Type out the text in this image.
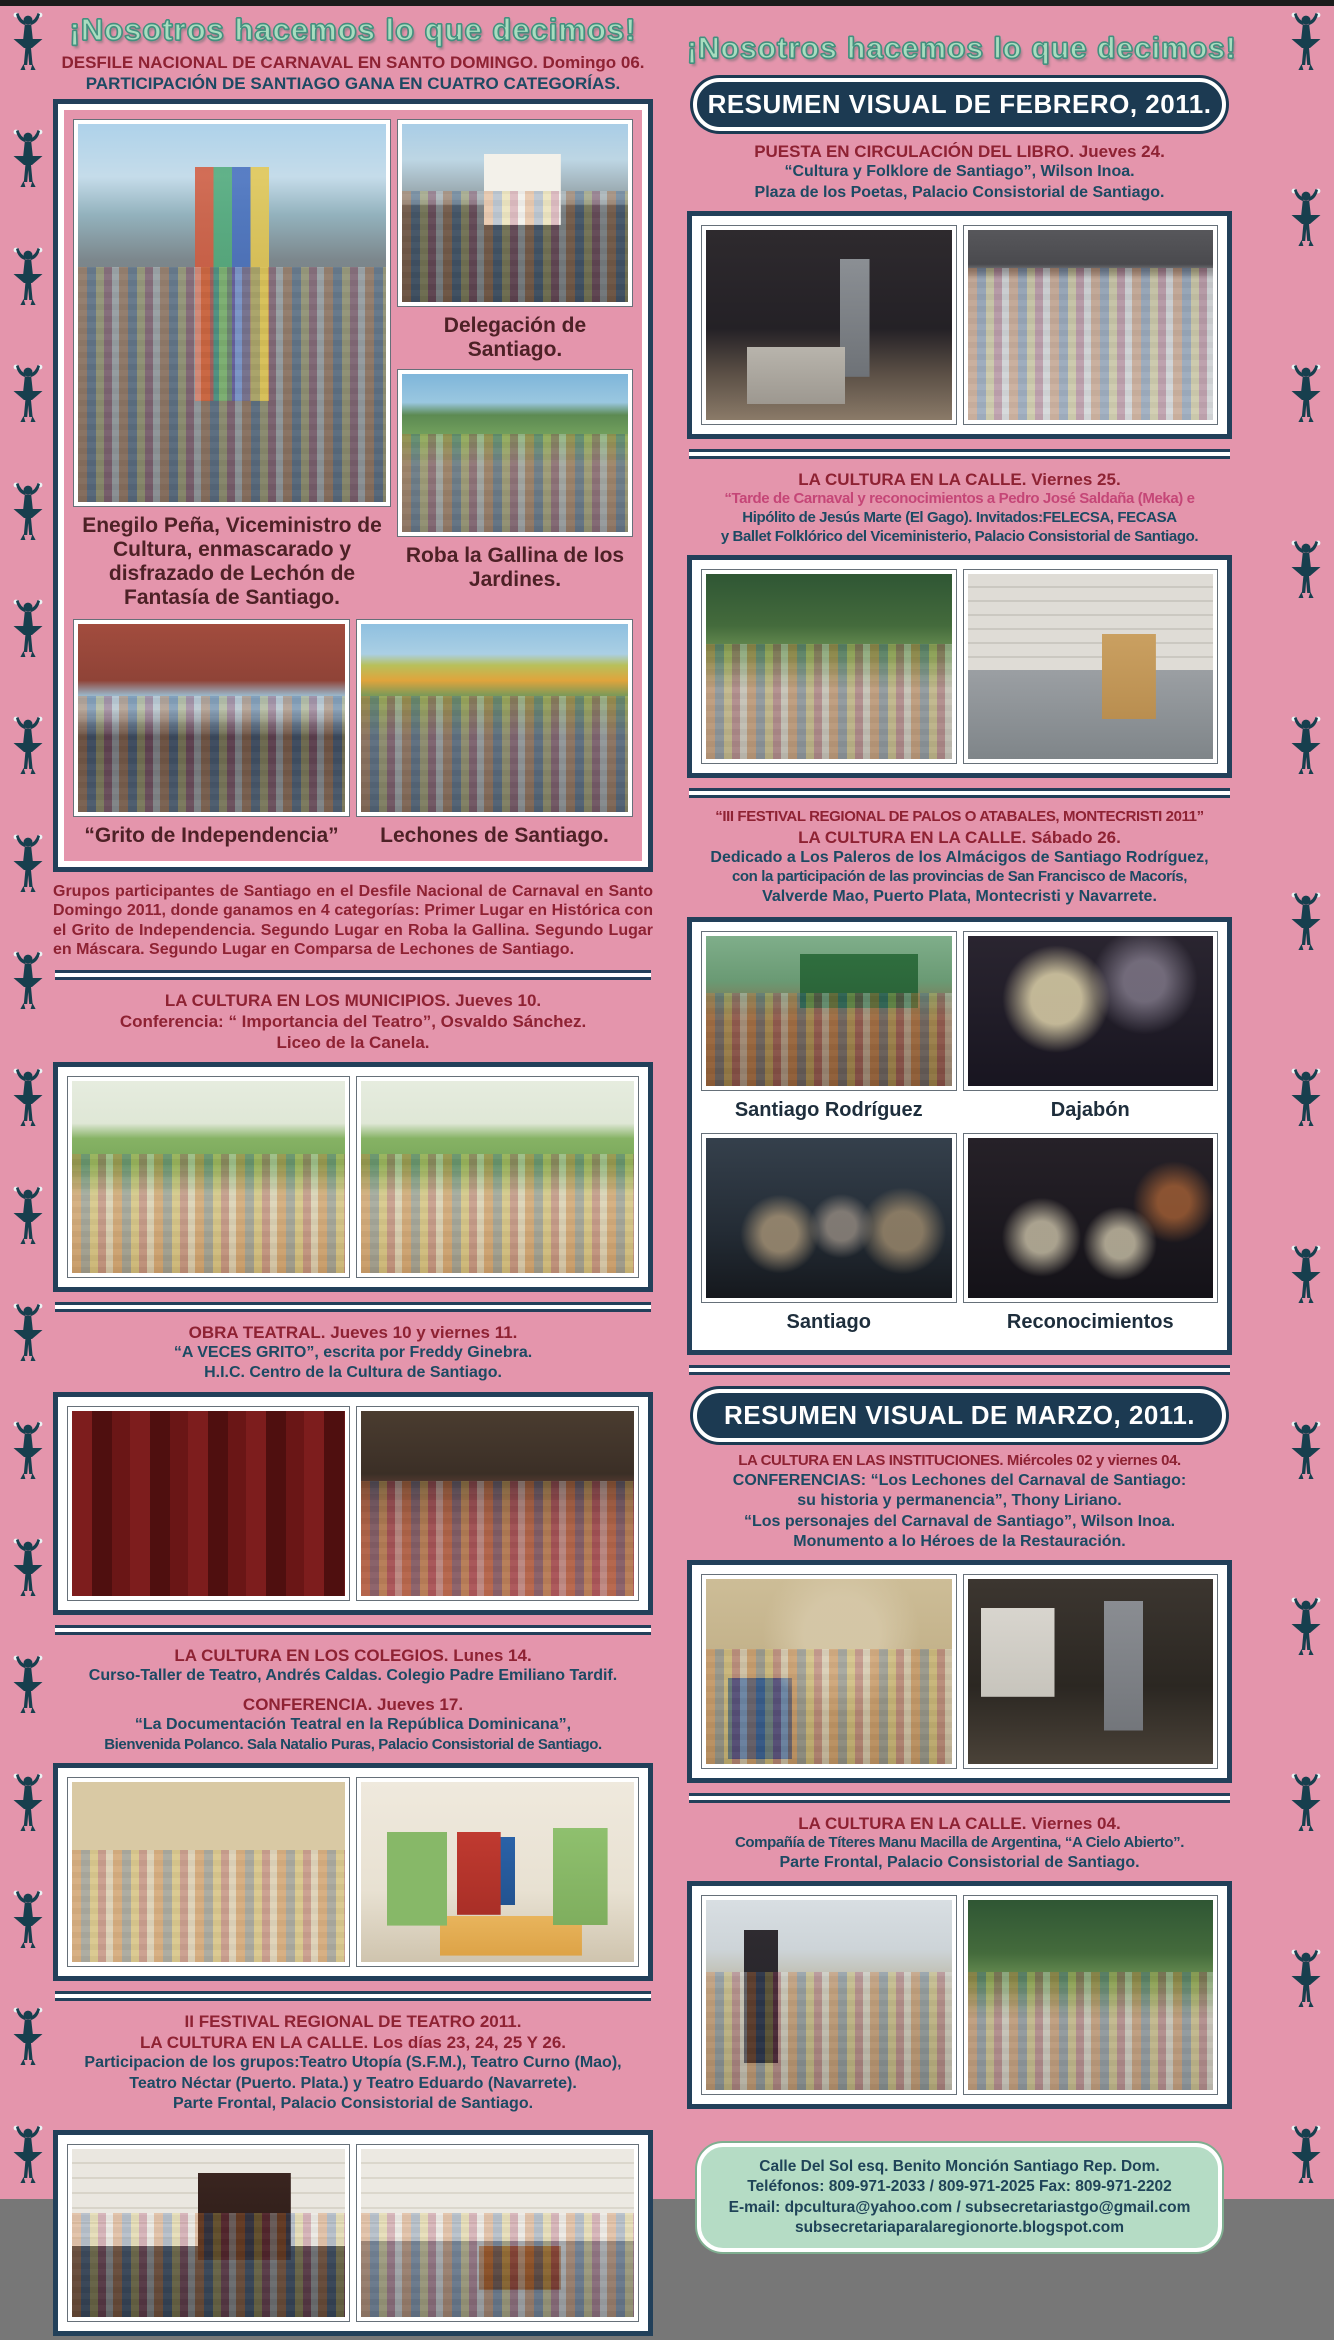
¡Nosotros hacemos lo que decimos!
DESFILE NACIONAL DE CARNAVAL EN SANTO DOMINGO. Domingo 06.
PARTICIPACIÓN DE SANTIAGO GANA EN CUATRO CATEGORÍAS.
Enegilo Peña, Viceministro de Cultura, enmascarado y disfrazado de Lechón de Fantasía de Santiago.
Delegación de Santiago.
Roba la Gallina de los Jardines.
“Grito de Independencia”	Lechones de Santiago.
Grupos participantes de Santiago en el Desfile Nacional de Carnaval en Santo Domingo 2011, donde ganamos en 4 categorías: Primer Lugar en Histórica con el Grito de Independencia. Segundo Lugar en Roba la Gallina. Segundo Lugar en Máscara. Segundo Lugar en Comparsa de Lechones de Santiago.
LA CULTURA EN LOS MUNICIPIOS. Jueves 10.
Conferencia: “ Importancia del Teatro”, Osvaldo Sánchez.
Liceo de la Canela.
OBRA TEATRAL. Jueves 10 y viernes 11.
“A VECES GRITO”, escrita por Freddy Ginebra.
H.I.C. Centro de la Cultura de Santiago.
LA CULTURA EN LOS COLEGIOS. Lunes 14.
Curso-Taller de Teatro, Andrés Caldas. Colegio Padre Emiliano Tardif.
CONFERENCIA. Jueves 17.
“La Documentación Teatral en la República Dominicana”,
Bienvenida Polanco. Sala Natalio Puras, Palacio Consistorial de Santiago.
II FESTIVAL REGIONAL DE TEATRO 2011.
LA CULTURA EN LA CALLE. Los días 23, 24, 25 Y 26.
Participacion de los grupos:Teatro Utopía (S.F.M.), Teatro Curno (Mao),
Teatro Néctar (Puerto. Plata.) y Teatro Eduardo (Navarrete).
Parte Frontal, Palacio Consistorial de Santiago.
¡Nosotros hacemos lo que decimos!
RESUMEN VISUAL DE FEBRERO, 2011.
PUESTA EN CIRCULACIÓN DEL LIBRO. Jueves 24.
“Cultura y Folklore de Santiago”, Wilson Inoa.
Plaza de los Poetas, Palacio Consistorial de Santiago.
LA CULTURA EN LA CALLE. Viernes 25.
“Tarde de Carnaval y reconocimientos a Pedro José Saldaña (Meka) e
Hipólito de Jesús Marte (El Gago). Invitados:FELECSA, FECASA
y Ballet Folklórico del Viceministerio, Palacio Consistorial de Santiago.
“III FESTIVAL REGIONAL DE PALOS O ATABALES, MONTECRISTI 2011”
LA CULTURA EN LA CALLE. Sábado 26.
Dedicado a Los Paleros de los Almácigos de Santiago Rodríguez,
con la participación de las provincias de San Francisco de Macorís,
Valverde Mao, Puerto Plata, Montecristi y Navarrete.
Santiago Rodríguez
Santiago
Dajabón
Reconocimientos
RESUMEN VISUAL DE MARZO, 2011.
LA CULTURA EN LAS INSTITUCIONES. Miércoles 02 y viernes 04.
CONFERENCIAS: “Los Lechones del Carnaval de Santiago:
su historia y permanencia”, Thony Liriano.
“Los personajes del Carnaval de Santiago”, Wilson Inoa.
Monumento a lo Héroes de la Restauración.
LA CULTURA EN LA CALLE. Viernes 04.
Compañía de Títeres Manu Macilla de Argentina, “A Cielo Abierto”.
Parte Frontal, Palacio Consistorial de Santiago.
Calle Del Sol esq. Benito Monción Santiago Rep. Dom.
Teléfonos: 809-971-2033 / 809-971-2025 Fax: 809-971-2202
E-mail: dpcultura@yahoo.com / subsecretariastgo@gmail.com
subsecretariaparalaregionorte.blogspot.com
